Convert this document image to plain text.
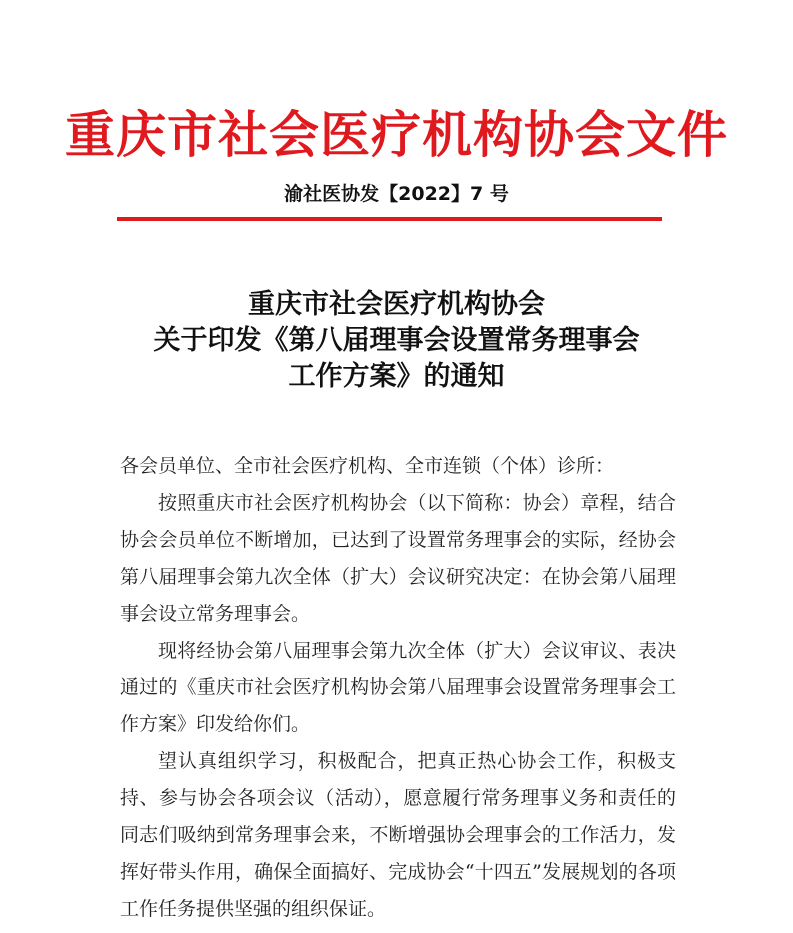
重庆市社会医疗机构协会文件
渝社医协发【2022】7 号
重庆市社会医疗机构协会
关于印发《第八届理事会设置常务理事会
工作方案》的通知

各会员单位、全市社会医疗机构、全市连锁（个体）诊所：

按照重庆市社会医疗机构协会（以下简称：协会）章程，结合协会会员单位不断增加，已达到了设置常务理事会的实际，经协会第八届理事会第九次全体（扩大）会议研究决定：在协会第八届理事会设立常务理事会。

现将经协会第八届理事会第九次全体（扩大）会议审议、表决通过的《重庆市社会医疗机构协会第八届理事会设置常务理事会工作方案》印发给你们。

望认真组织学习，积极配合，把真正热心协会工作，积极支持、参与协会各项会议（活动），愿意履行常务理事义务和责任的同志们吸纳到常务理事会来，不断增强协会理事会的工作活力，发挥好带头作用，确保全面搞好、完成协会“十四五”发展规划的各项工作任务提供坚强的组织保证。
